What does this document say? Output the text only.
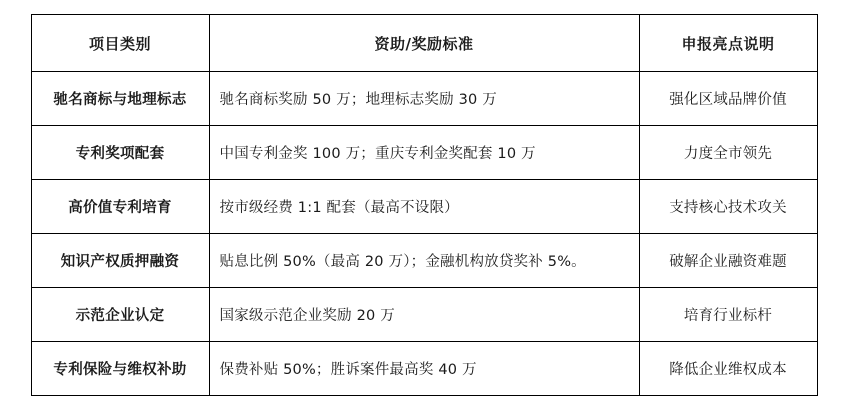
项目类别	资助/奖励标准	申报亮点说明
驰名商标与地理标志	驰名商标奖励 50 万；地理标志奖励 30 万	强化区域品牌价值
专利奖项配套	中国专利金奖 100 万；重庆专利金奖配套 10 万	力度全市领先
高价值专利培育	按市级经费 1:1 配套（最高不设限）	支持核心技术攻关
知识产权质押融资	贴息比例 50%（最高 20 万）；金融机构放贷奖补 5%。	破解企业融资难题
示范企业认定	国家级示范企业奖励 20 万	培育行业标杆
专利保险与维权补助	保费补贴 50%；胜诉案件最高奖 40 万	降低企业维权成本
